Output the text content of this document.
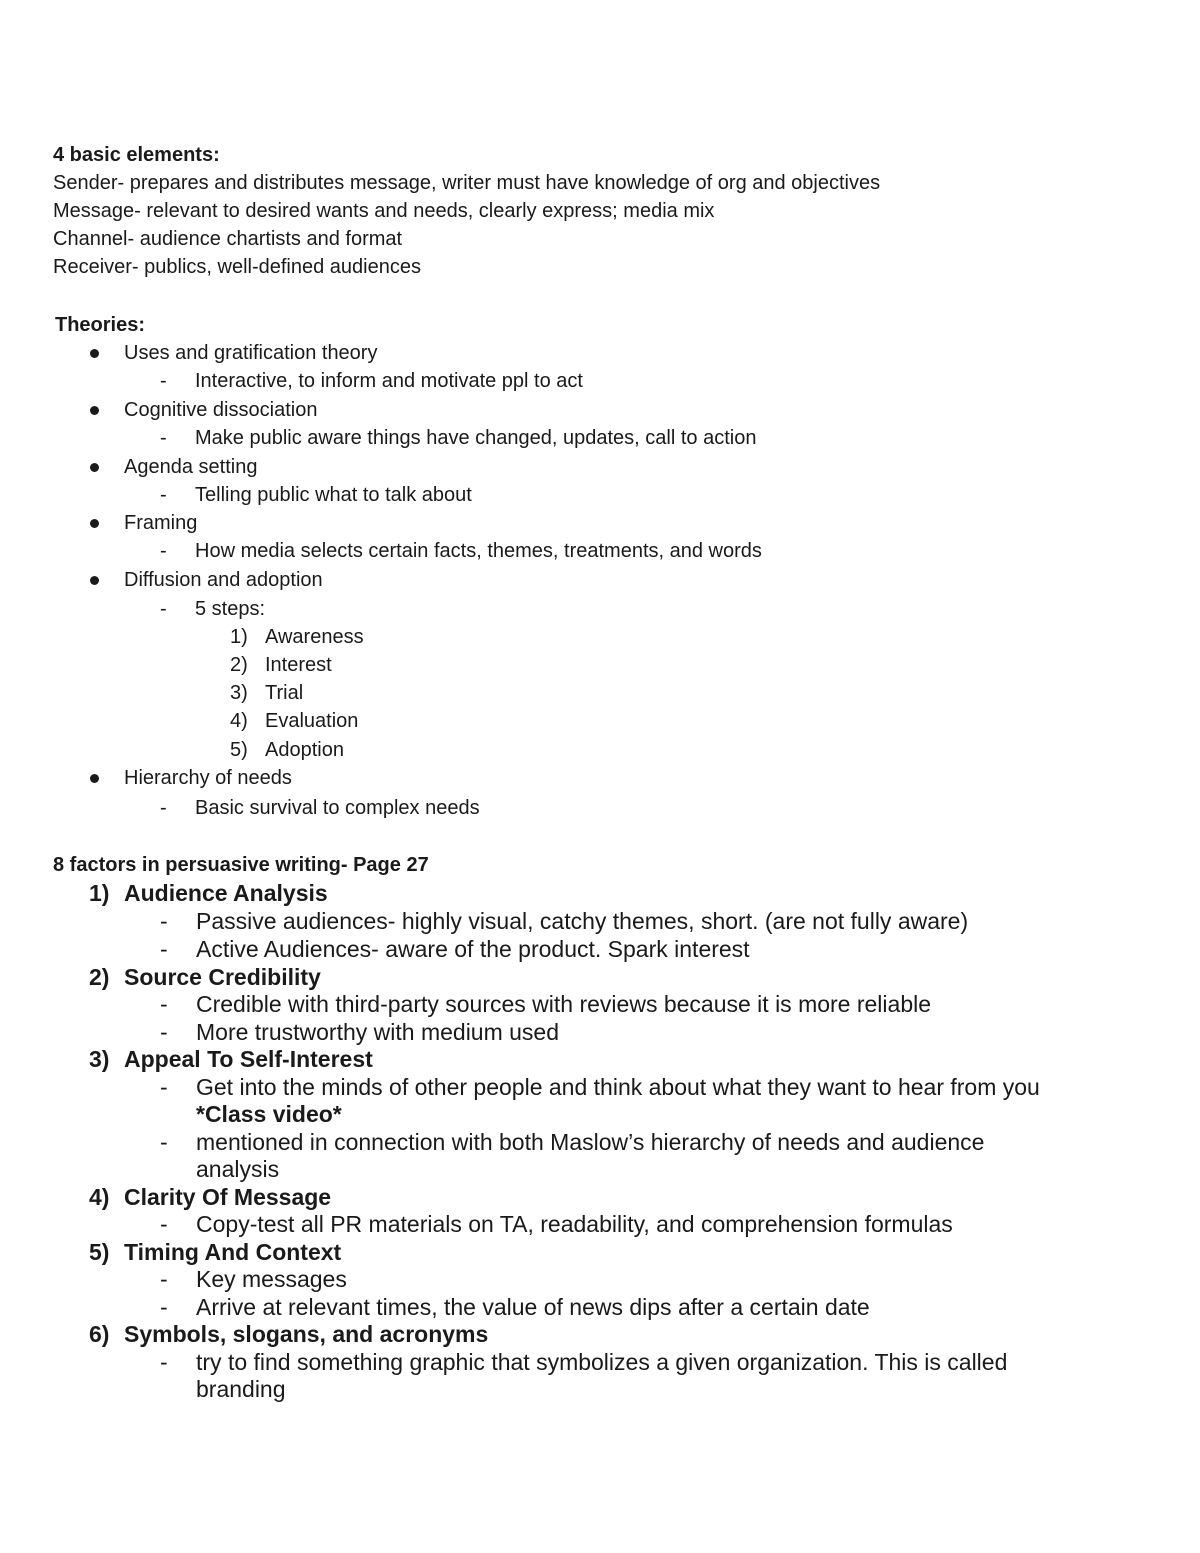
4 basic elements:
Sender- prepares and distributes message, writer must have knowledge of org and objectives
Message- relevant to desired wants and needs, clearly express; media mix
Channel- audience chartists and format
Receiver- publics, well-defined audiences
Theories:
Uses and gratification theory
- Interactive, to inform and motivate ppl to act
Cognitive dissociation
- Make public aware things have changed, updates, call to action
Agenda setting
- Telling public what to talk about
Framing
- How media selects certain facts, themes, treatments, and words
Diffusion and adoption
- 5 steps:
1) Awareness
2) Interest
3) Trial
4) Evaluation
5) Adoption
Hierarchy of needs
- Basic survival to complex needs
8 factors in persuasive writing- Page 27
1) Audience Analysis
- Passive audiences- highly visual, catchy themes, short. (are not fully aware)
- Active Audiences- aware of the product. Spark interest
2) Source Credibility
- Credible with third-party sources with reviews because it is more reliable
- More trustworthy with medium used
3) Appeal To Self-Interest
- Get into the minds of other people and think about what they want to hear from you
*Class video*
- mentioned in connection with both Maslow’s hierarchy of needs and audience
analysis
4) Clarity Of Message
- Copy-test all PR materials on TA, readability, and comprehension formulas
5) Timing And Context
- Key messages
- Arrive at relevant times, the value of news dips after a certain date
6) Symbols, slogans, and acronyms
- try to find something graphic that symbolizes a given organization. This is called
branding
